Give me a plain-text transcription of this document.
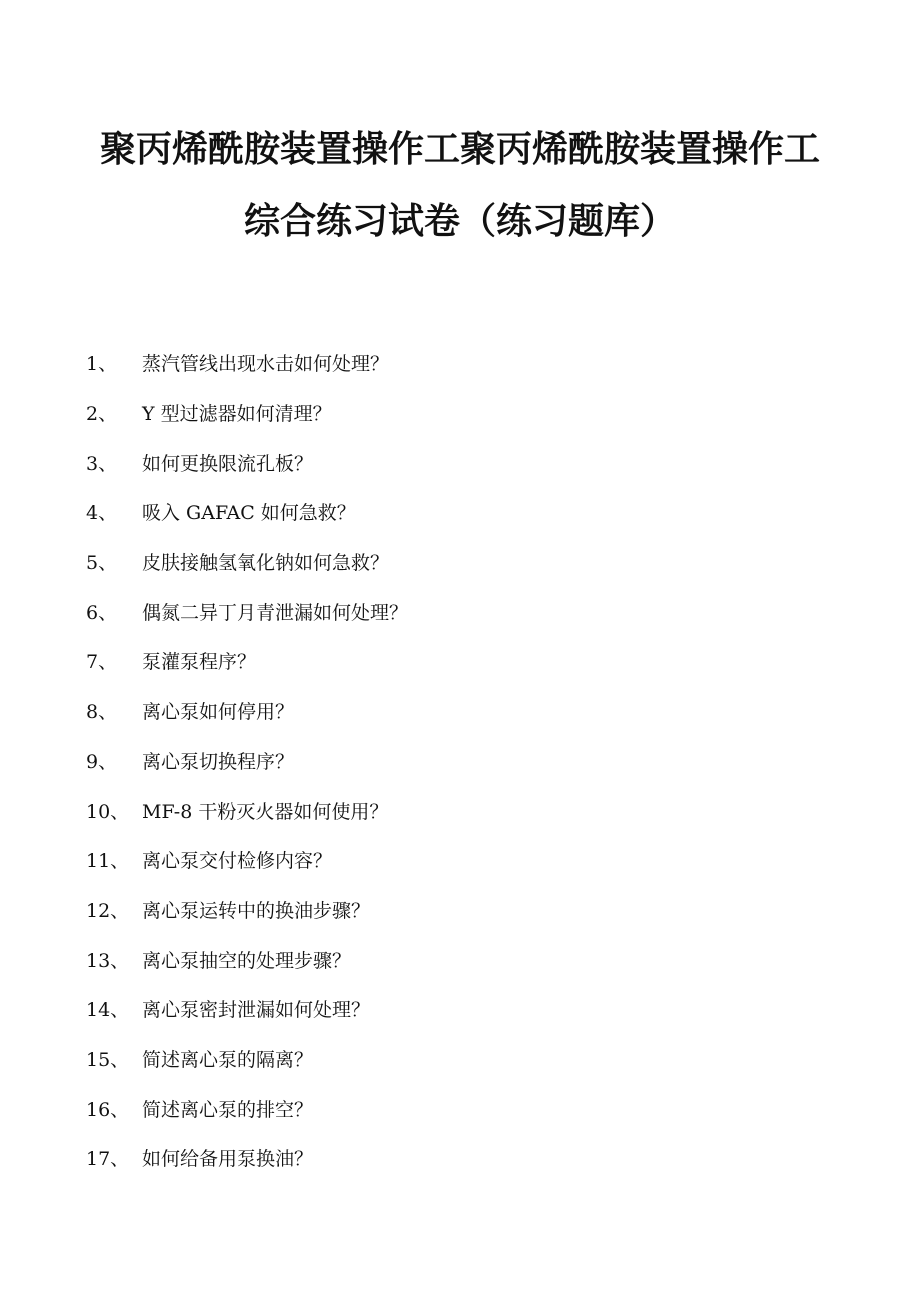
聚丙烯酰胺装置操作工聚丙烯酰胺装置操作工
综合练习试卷（练习题库）
1、	蒸汽管线出现水击如何处理？
2、	Y 型过滤器如何清理？
3、	如何更换限流孔板？
4、	吸入 GAFAC 如何急救？
5、	皮肤接触氢氧化钠如何急救？
6、	偶氮二异丁月青泄漏如何处理？
7、	泵灌泵程序？
8、	离心泵如何停用？
9、	离心泵切换程序？
10、 MF-8 干粉灭火器如何使用？
11、 离心泵交付检修内容？
12、 离心泵运转中的换油步骤？
13、 离心泵抽空的处理步骤？
14、 离心泵密封泄漏如何处理？
15、 简述离心泵的隔离？
16、 简述离心泵的排空？
17、 如何给备用泵换油？
